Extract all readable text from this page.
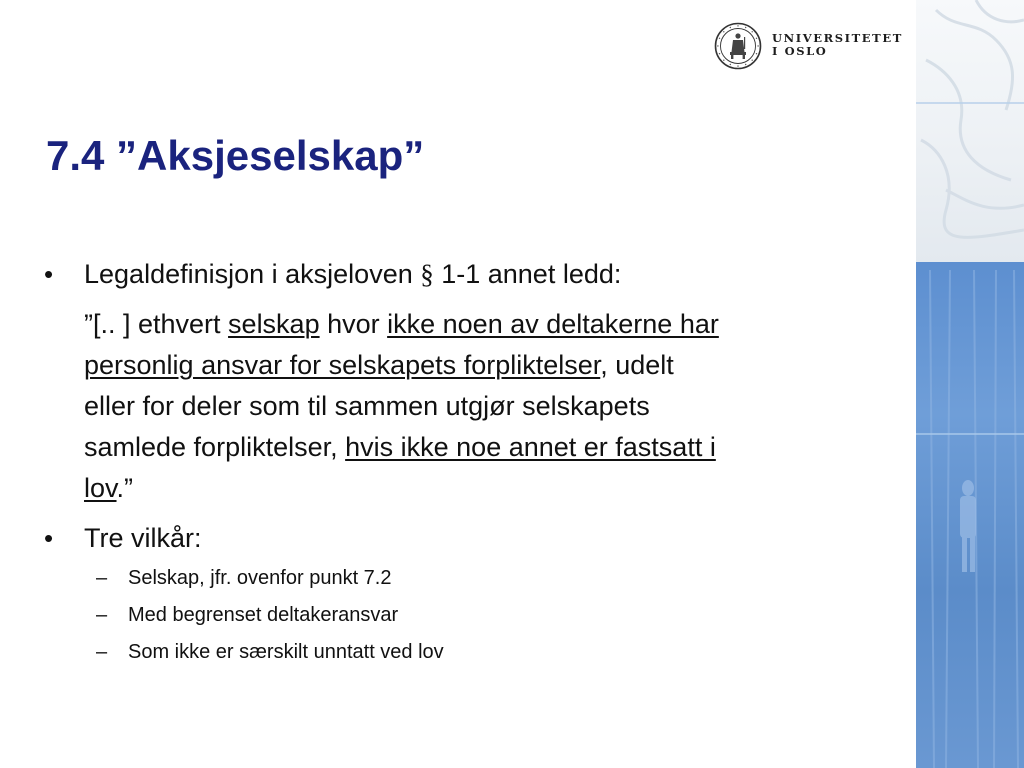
UNIVERSITETET
I OSLO
7.4 ”Aksjeselskap”
• Legaldefinisjon i aksjeloven § 1-1 annet ledd:
”[.. ] ethvert selskap hvor ikke noen av deltakerne har
personlig ansvar for selskapets forpliktelser, udelt
eller for deler som til sammen utgjør selskapets
samlede forpliktelser, hvis ikke noe annet er fastsatt i
lov.”
• Tre vilkår:
– Selskap, jfr. ovenfor punkt 7.2
– Med begrenset deltakeransvar
– Som ikke er særskilt unntatt ved lov
